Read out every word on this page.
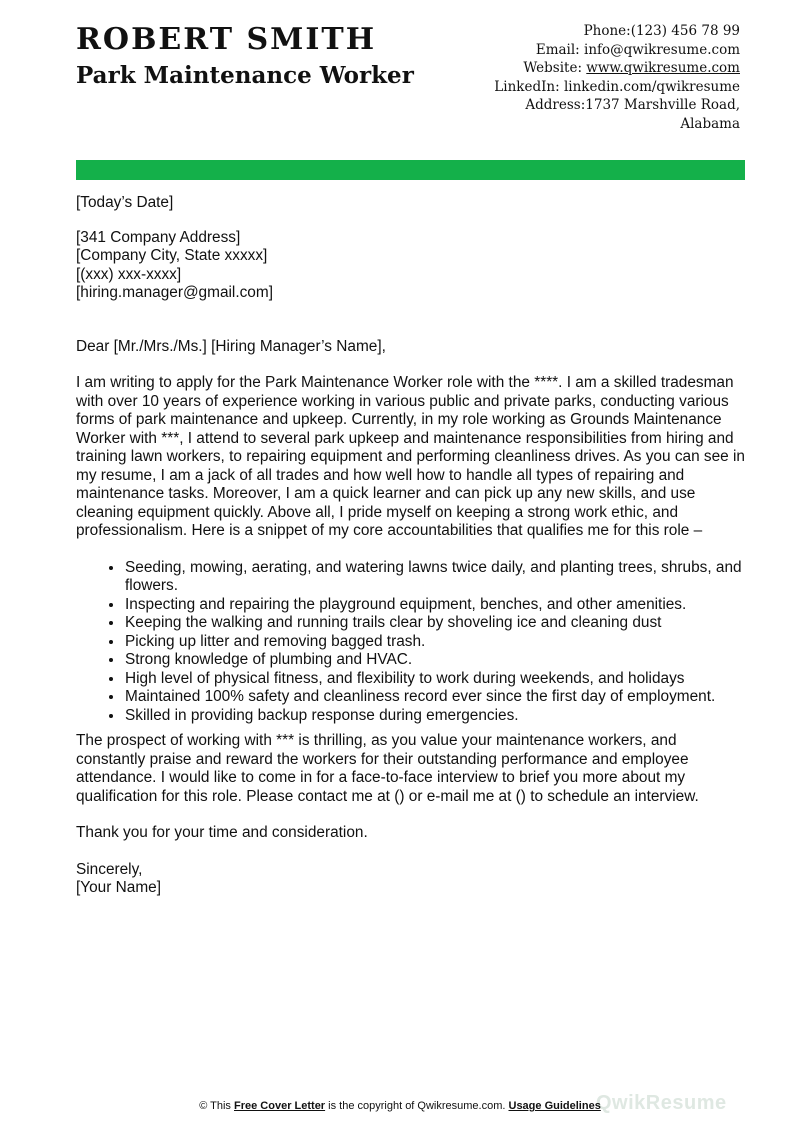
ROBERT SMITH
Park Maintenance Worker
Phone:(123) 456 78 99
Email: info@qwikresume.com
Website: www.qwikresume.com
LinkedIn: linkedin.com/qwikresume
Address:1737 Marshville Road,
Alabama

[Today’s Date]

[341 Company Address]
[Company City, State xxxxx]
[(xxx) xxx-xxxx]
[hiring.manager@gmail.com]

Dear [Mr./Mrs./Ms.] [Hiring Manager’s Name],

I am writing to apply for the Park Maintenance Worker role with the ****. I am a skilled tradesman with over 10 years of experience working in various public and private parks, conducting various forms of park maintenance and upkeep. Currently, in my role working as Grounds Maintenance Worker with ***, I attend to several park upkeep and maintenance responsibilities from hiring and training lawn workers, to repairing equipment and performing cleanliness drives. As you can see in my resume, I am a jack of all trades and how well how to handle all types of repairing and maintenance tasks. Moreover, I am a quick learner and can pick up any new skills, and use cleaning equipment quickly. Above all, I pride myself on keeping a strong work ethic, and professionalism. Here is a snippet of my core accountabilities that qualifies me for this role –

• Seeding, mowing, aerating, and watering lawns twice daily, and planting trees, shrubs, and flowers.
• Inspecting and repairing the playground equipment, benches, and other amenities.
• Keeping the walking and running trails clear by shoveling ice and cleaning dust
• Picking up litter and removing bagged trash.
• Strong knowledge of plumbing and HVAC.
• High level of physical fitness, and flexibility to work during weekends, and holidays
• Maintained 100% safety and cleanliness record ever since the first day of employment.
• Skilled in providing backup response during emergencies.

The prospect of working with *** is thrilling, as you value your maintenance workers, and constantly praise and reward the workers for their outstanding performance and employee attendance. I would like to come in for a face-to-face interview to brief you more about my qualification for this role. Please contact me at () or e-mail me at () to schedule an interview.

Thank you for your time and consideration.

Sincerely,

[Your Name]

QwikResume
© This Free Cover Letter is the copyright of Qwikresume.com. Usage Guidelines
